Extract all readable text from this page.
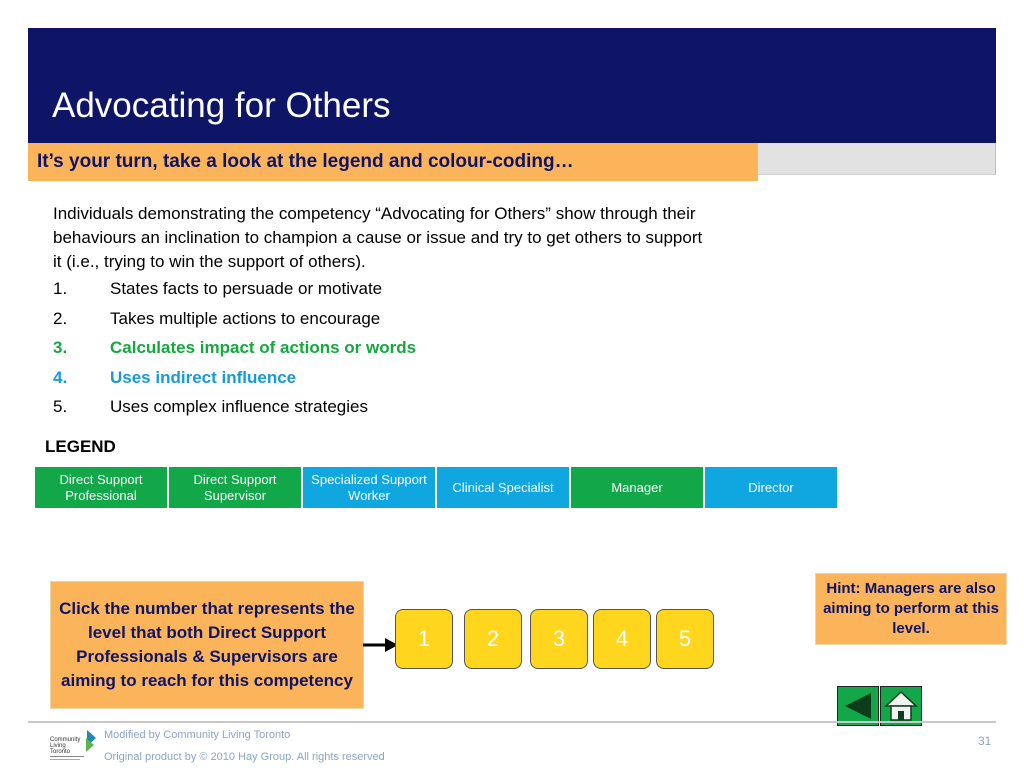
Advocating for Others
It’s your turn, take a look at the legend and colour-coding…
Individuals demonstrating the competency “Advocating for Others” show through their behaviours an inclination to champion a cause or issue and try to get others to support it (i.e., trying to win the support of others).
1.	States facts to persuade or motivate
2.	Takes multiple actions to encourage
3.	Calculates impact of actions or words
4.	Uses indirect influence
5.	Uses complex influence strategies
LEGEND
Direct Support Professional
Direct Support Supervisor
Specialized Support Worker
Clinical Specialist	Manager	Director
Click the number that represents the level that both Direct Support Professionals & Supervisors are aiming to reach for this competency
1	2	3	4	5
Hint: Managers are also aiming to perform at this level.
Community
Living
Toronto
Modified by Community Living Toronto
Original product by © 2010 Hay Group. All rights reserved
31
